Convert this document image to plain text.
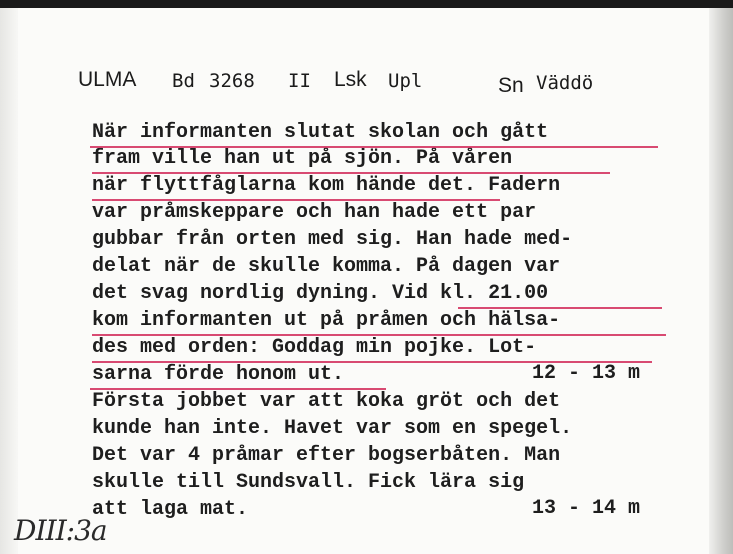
ULMA Bd 3268 II Lsk Upl	Sn Väddö
När informanten slutat skolan och gått
fram ville han ut på sjön. På våren
när flyttfåglarna kom hände det. Fadern
var pråmskeppare och han hade ett par
gubbar från orten med sig. Han hade med-
delat när de skulle komma. På dagen var
det svag nordlig dyning. Vid kl. 21.00
kom informanten ut på pråmen och hälsa-
des med orden: Goddag min pojke. Lot-
sarna förde honom ut.
Första jobbet var att koka gröt och det
kunde han inte. Havet var som en spegel.
Det var 4 pråmar efter bogserbåten. Man
skulle till Sundsvall. Fick lära sig
att laga mat.
12 - 13 m
13 - 14 m
DIII:3a
